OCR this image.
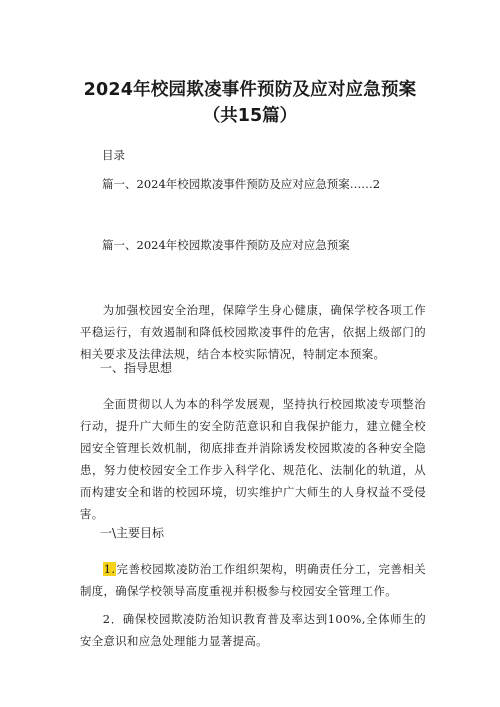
2024年校园欺凌事件预防及应对应急预案
（共15篇）
目录
篇一、2024年校园欺凌事件预防及应对应急预案……2
篇一、2024年校园欺凌事件预防及应对应急预案

为加强校园安全治理，保障学生身心健康，确保学校各项工作平稳运行，有效遏制和降低校园欺凌事件的危害，依据上级部门的相关要求及法律法规，结合本校实际情况，特制定本预案。

一、指导思想

全面贯彻以人为本的科学发展观，坚持执行校园欺凌专项整治行动，提升广大师生的安全防范意识和自我保护能力，建立健全校园安全管理长效机制，彻底排查并消除诱发校园欺凌的各种安全隐患，努力使校园安全工作步入科学化、规范化、法制化的轨道，从而构建安全和谐的校园环境，切实维护广大师生的人身权益不受侵害。

一\主要目标

1.完善校园欺凌防治工作组织架构，明确责任分工，完善相关制度，确保学校领导高度重视并积极参与校园安全管理工作。

2．确保校园欺凌防治知识教育普及率达到100%,全体师生的安全意识和应急处理能力显著提高。
